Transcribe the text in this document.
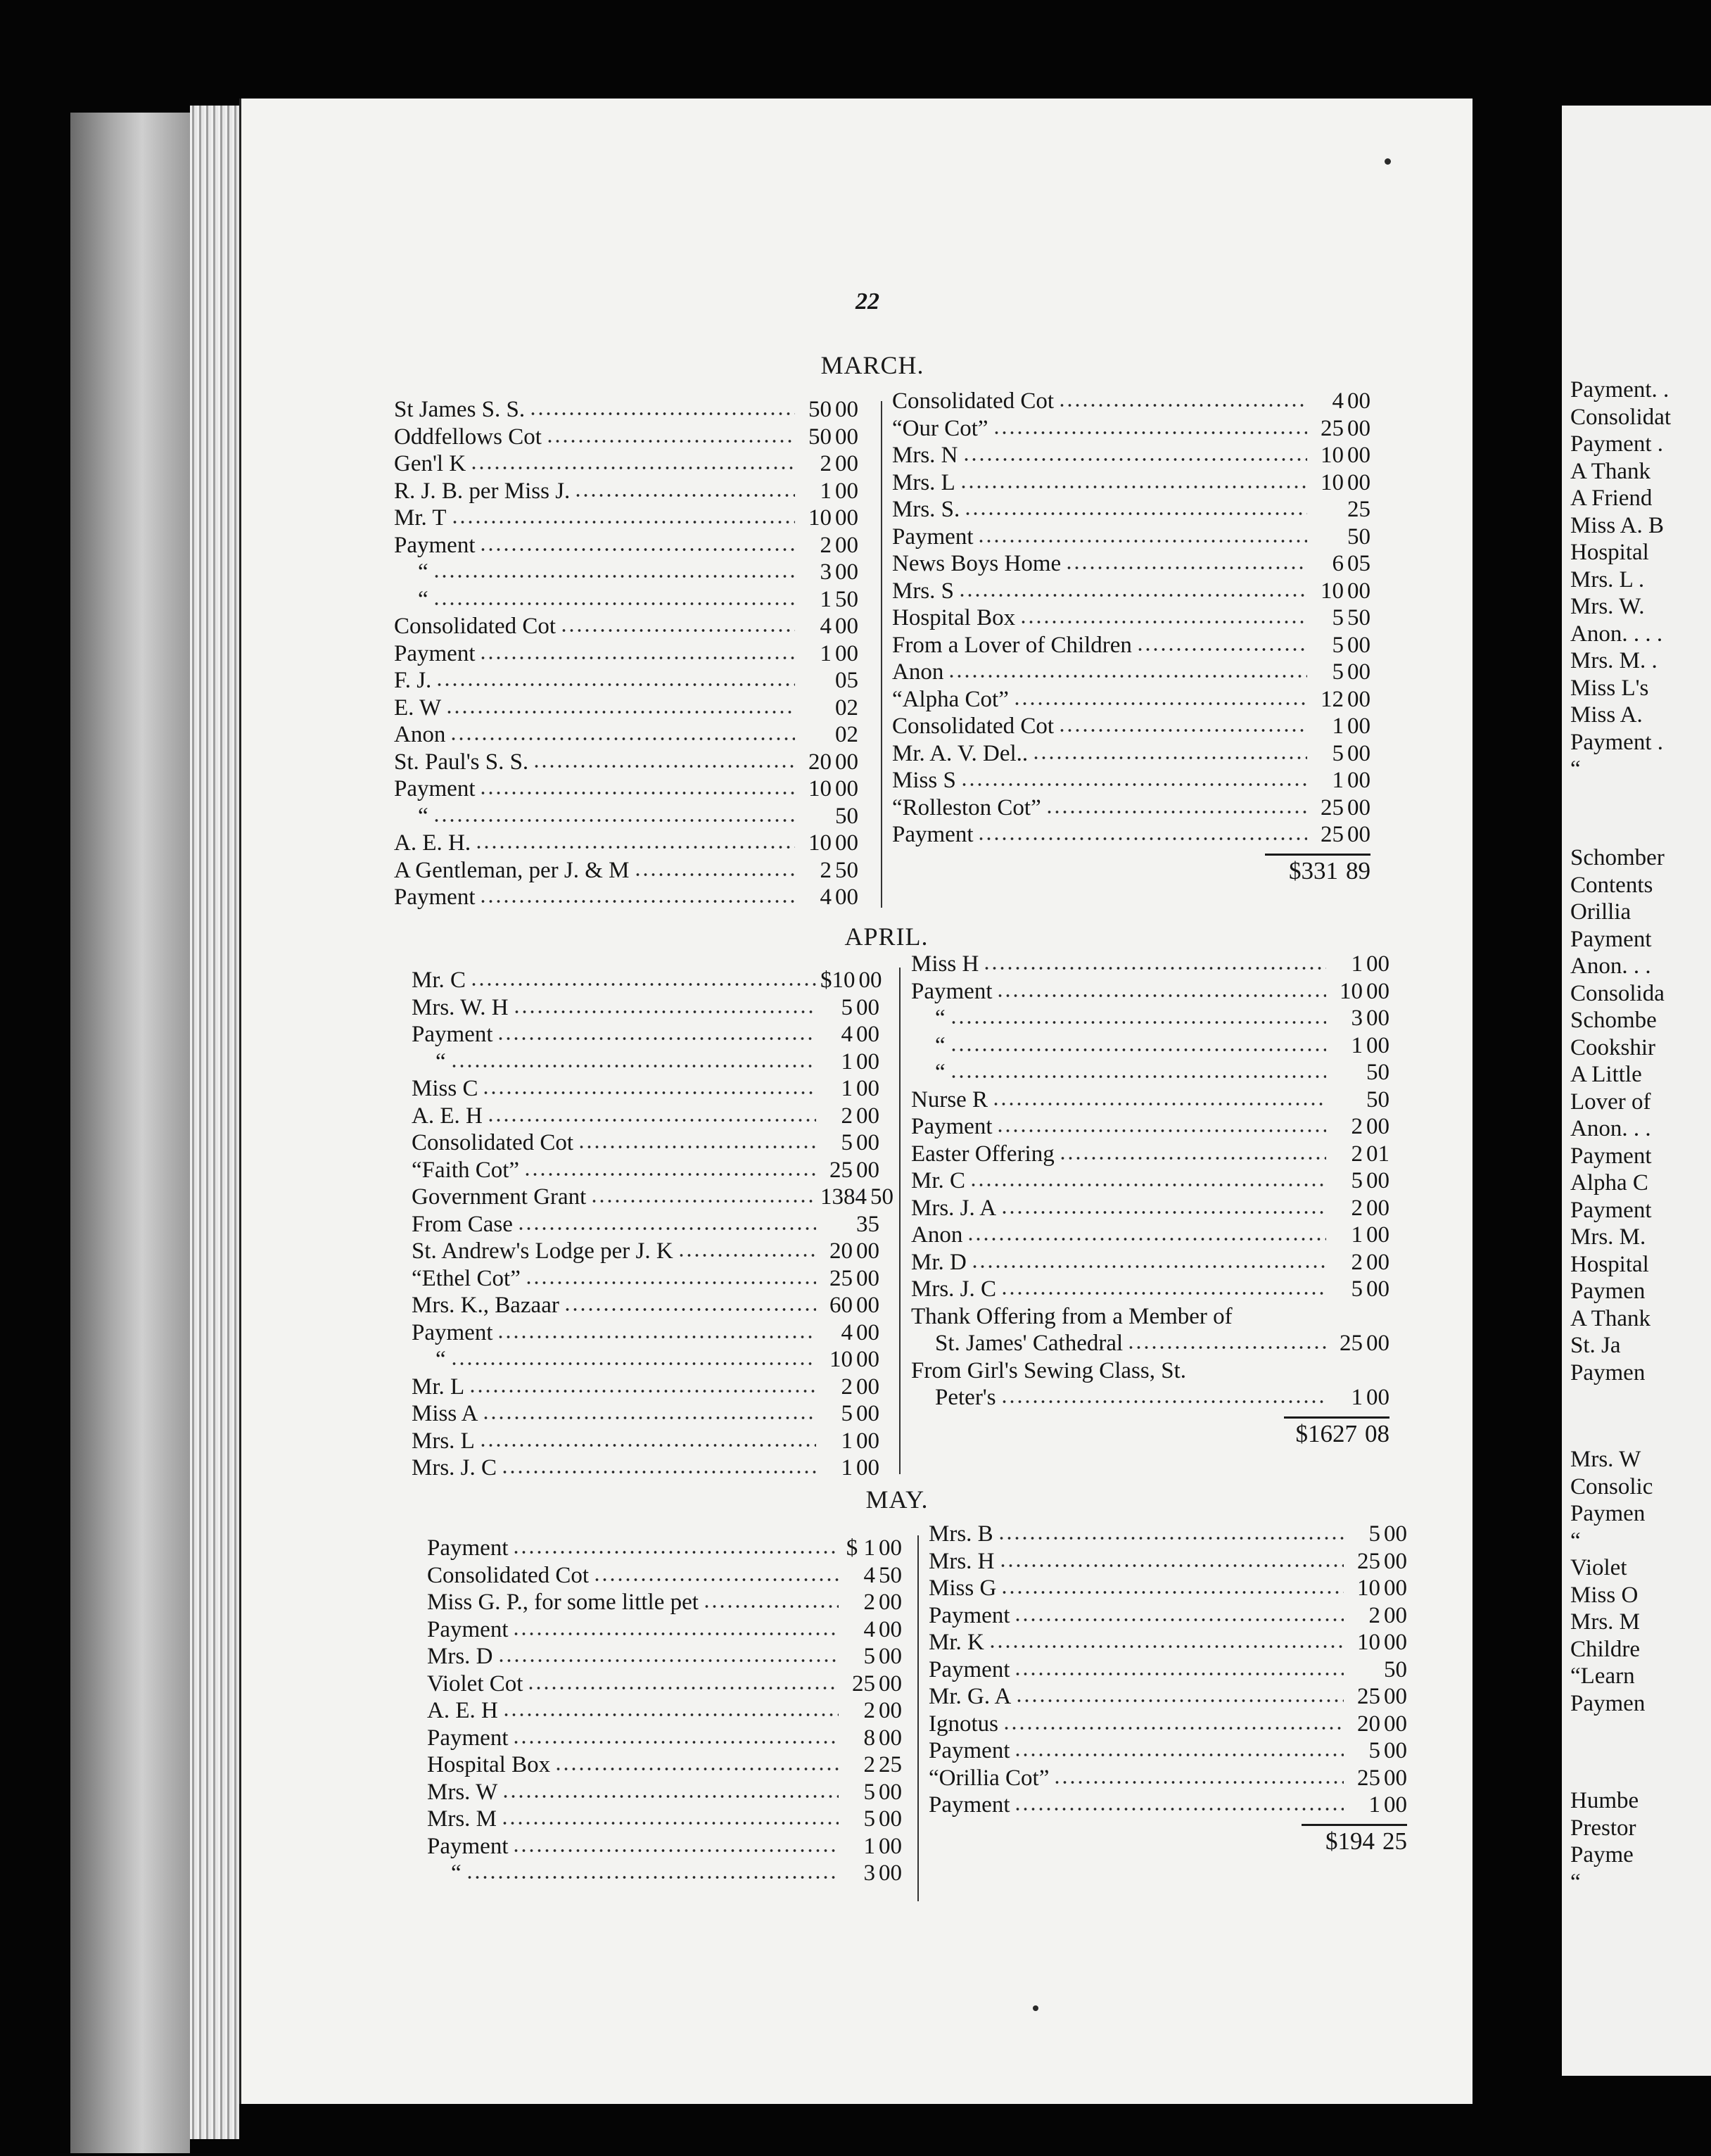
22
MARCH.
St James S. S.	50 00
Oddfellows Cot	50 00
Gen'l K	2 00
R. J. B. per Miss J.	1 00
Mr. T	10 00
Payment	2 00
“	3 00
“	1 50
Consolidated Cot	4 00
Payment	1 00
F. J.	05
E. W	02
Anon	02
St. Paul's S. S.	20 00
Payment	10 00
“	50
A. E. H.	10 00
A Gentleman, per J. & M	2 50
Payment	4 00
Consolidated Cot	4 00
“Our Cot”	25 00
Mrs. N	10 00
Mrs. L	10 00
Mrs. S.	25
Payment	50
News Boys Home	6 05
Mrs. S	10 00
Hospital Box	5 50
From a Lover of Children	5 00
Anon	5 00
“Alpha Cot”	12 00
Consolidated Cot	1 00
Mr. A. V. Del..	5 00
Miss S	1 00
“Rolleston Cot”	25 00
Payment	25 00
$331 89
APRIL.
Mr. C	$10 00
Mrs. W. H	5 00
Payment	4 00
“	1 00
Miss C	1 00
A. E. H	2 00
Consolidated Cot	5 00
“Faith Cot”	25 00
Government Grant	1384 50
From Case	35
St. Andrew's Lodge per J. K	20 00
“Ethel Cot”	25 00
Mrs. K., Bazaar	60 00
Payment	4 00
“	10 00
Mr. L	2 00
Miss A	5 00
Mrs. L	1 00
Mrs. J. C	1 00
Miss H	1 00
Payment	10 00
“	3 00
“	1 00
“	50
Nurse R	50
Payment	2 00
Easter Offering	2 01
Mr. C	5 00
Mrs. J. A	2 00
Anon	1 00
Mr. D	2 00
Mrs. J. C	5 00
Thank Offering from a Member of
St. James' Cathedral	25 00
From Girl's Sewing Class, St.
Peter's	1 00
$1627 08
MAY.
Payment	$ 1 00
Consolidated Cot	4 50
Miss G. P., for some little pet	2 00
Payment	4 00
Mrs. D	5 00
Violet Cot	25 00
A. E. H	2 00
Payment	8 00
Hospital Box	2 25
Mrs. W	5 00
Mrs. M	5 00
Payment	1 00
“	3 00
Mrs. B	5 00
Mrs. H	25 00
Miss G	10 00
Payment	2 00
Mr. K	10 00
Payment	50
Mr. G. A	25 00
Ignotus	20 00
Payment	5 00
“Orillia Cot”	25 00
Payment	1 00
$194 25
Payment. .
Consolidat
Payment .
A Thank
A Friend
Miss A. B
Hospital
Mrs. L .
Mrs. W.
Anon. . . .
Mrs. M. .
Miss L's
Miss A.
Payment .
“
Schomber
Contents
Orillia
Payment
Anon. . .
Consolida
Schombe
Cookshir
A Little
Lover of
Anon. . .
Payment
Alpha C
Payment
Mrs. M.
Hospital
Paymen
A Thank
St. Ja
Paymen
Mrs. W
Consolic
Paymen
“
Violet
Miss O
Mrs. M
Childre
“Learn
Paymen
Humbe
Prestor
Payme
“
